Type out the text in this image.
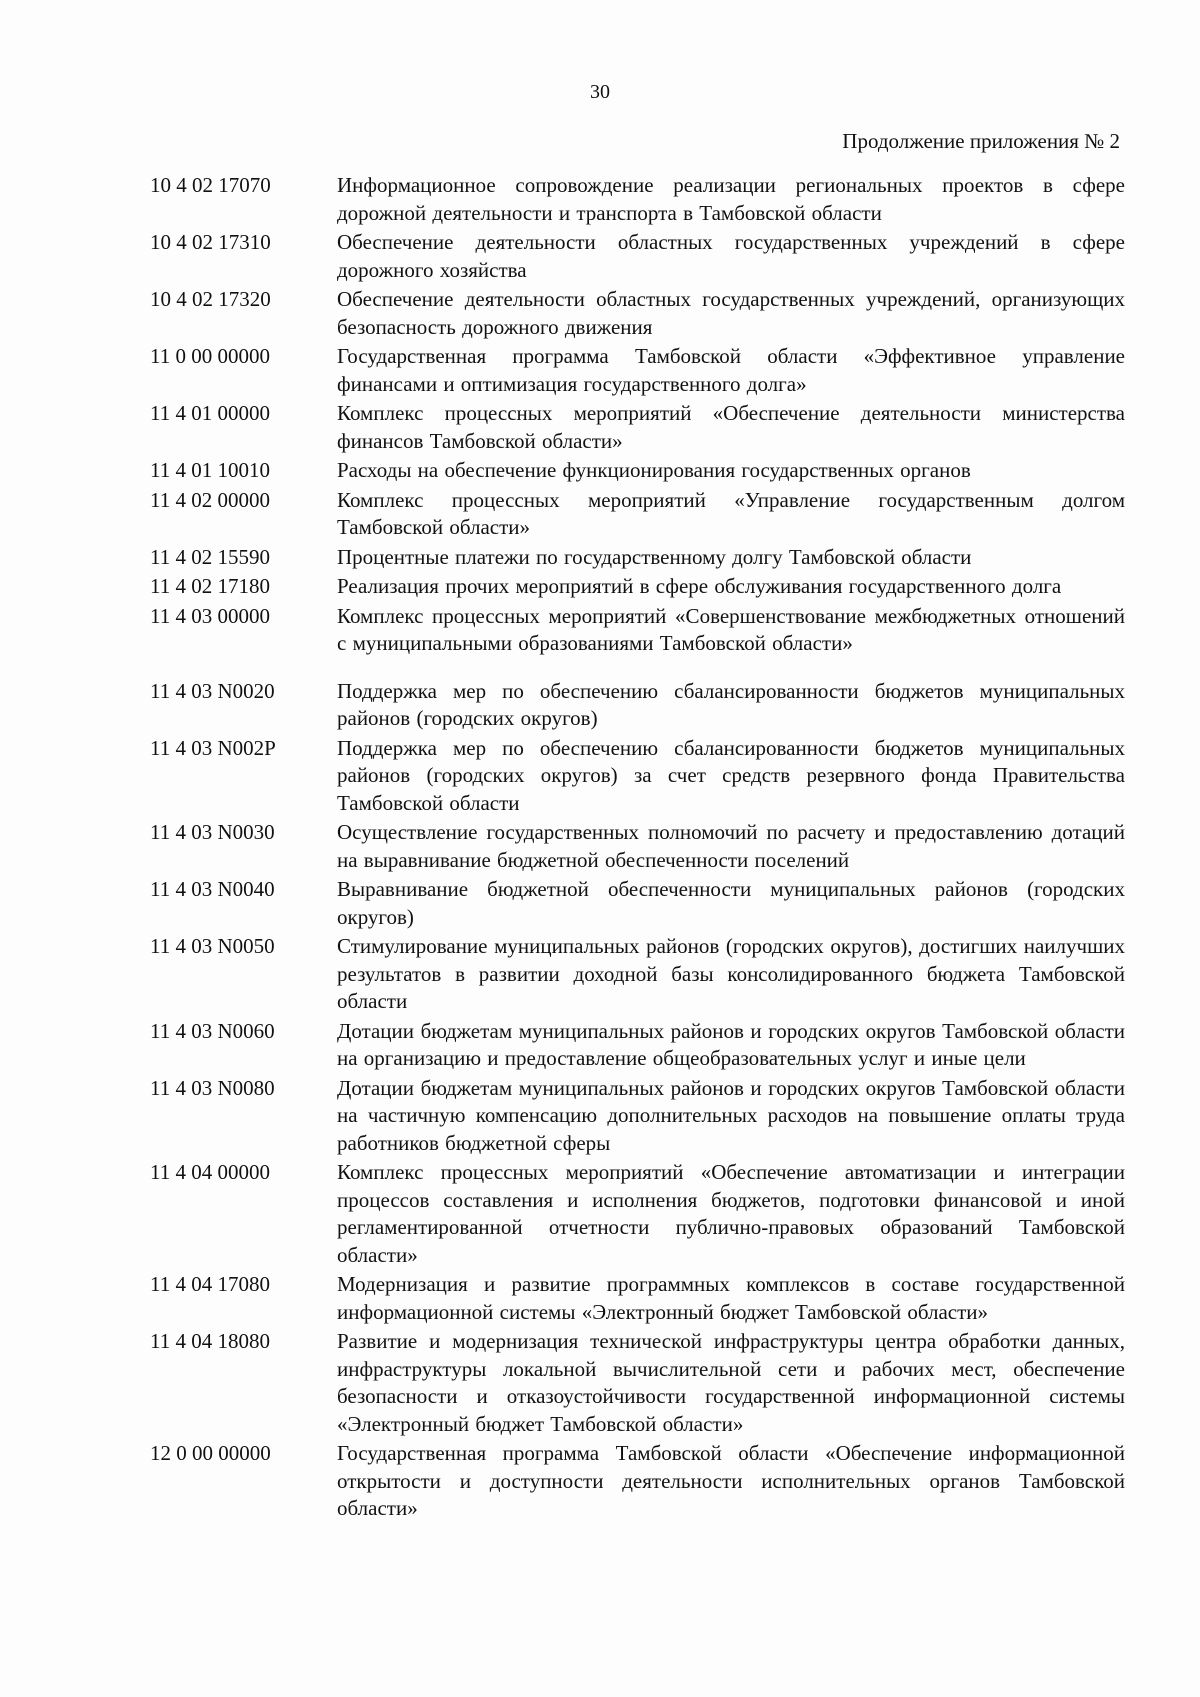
30
Продолжение приложения № 2
10 4 02 17070	Информационное сопровождение реализации региональных проектов в сфере дорожной деятельности и транспорта в Тамбовской области
10 4 02 17310	Обеспечение деятельности областных государственных учреждений в сфере дорожного хозяйства
10 4 02 17320	Обеспечение деятельности областных государственных учреждений, организующих безопасность дорожного движения
11 0 00 00000	Государственная программа Тамбовской области «Эффективное управление финансами и оптимизация государственного долга»
11 4 01 00000	Комплекс процессных мероприятий «Обеспечение деятельности министерства финансов Тамбовской области»
11 4 01 10010	Расходы на обеспечение функционирования государственных органов
11 4 02 00000	Комплекс процессных мероприятий «Управление государственным долгом Тамбовской области»
11 4 02 15590	Процентные платежи по государственному долгу Тамбовской области
11 4 02 17180	Реализация прочих мероприятий в сфере обслуживания государственного долга
11 4 03 00000	Комплекс процессных мероприятий «Совершенствование межбюджетных отношений с муниципальными образованиями Тамбовской области»
11 4 03 N0020	Поддержка мер по обеспечению сбалансированности бюджетов муниципальных районов (городских округов)
11 4 03 N002P	Поддержка мер по обеспечению сбалансированности бюджетов муниципальных районов (городских округов) за счет средств резервного фонда Правительства Тамбовской области
11 4 03 N0030	Осуществление государственных полномочий по расчету и предоставлению дотаций на выравнивание бюджетной обеспеченности поселений
11 4 03 N0040	Выравнивание бюджетной обеспеченности муниципальных районов (городских округов)
11 4 03 N0050	Стимулирование муниципальных районов (городских округов), достигших наилучших результатов в развитии доходной базы консолидированного бюджета Тамбовской области
11 4 03 N0060	Дотации бюджетам муниципальных районов и городских округов Тамбовской области на организацию и предоставление общеобразовательных услуг и иные цели
11 4 03 N0080	Дотации бюджетам муниципальных районов и городских округов Тамбовской области на частичную компенсацию дополнительных расходов на повышение оплаты труда работников бюджетной сферы
11 4 04 00000	Комплекс процессных мероприятий «Обеспечение автоматизации и интеграции процессов составления и исполнения бюджетов, подготовки финансовой и иной регламентированной отчетности публично-правовых образований Тамбовской области»
11 4 04 17080	Модернизация и развитие программных комплексов в составе государственной информационной системы «Электронный бюджет Тамбовской области»
11 4 04 18080	Развитие и модернизация технической инфраструктуры центра обработки данных, инфраструктуры локальной вычислительной сети и рабочих мест, обеспечение безопасности и отказоустойчивости государственной информационной системы «Электронный бюджет Тамбовской области»
12 0 00 00000	Государственная программа Тамбовской области «Обеспечение информационной открытости и доступности деятельности исполнительных органов Тамбовской области»
